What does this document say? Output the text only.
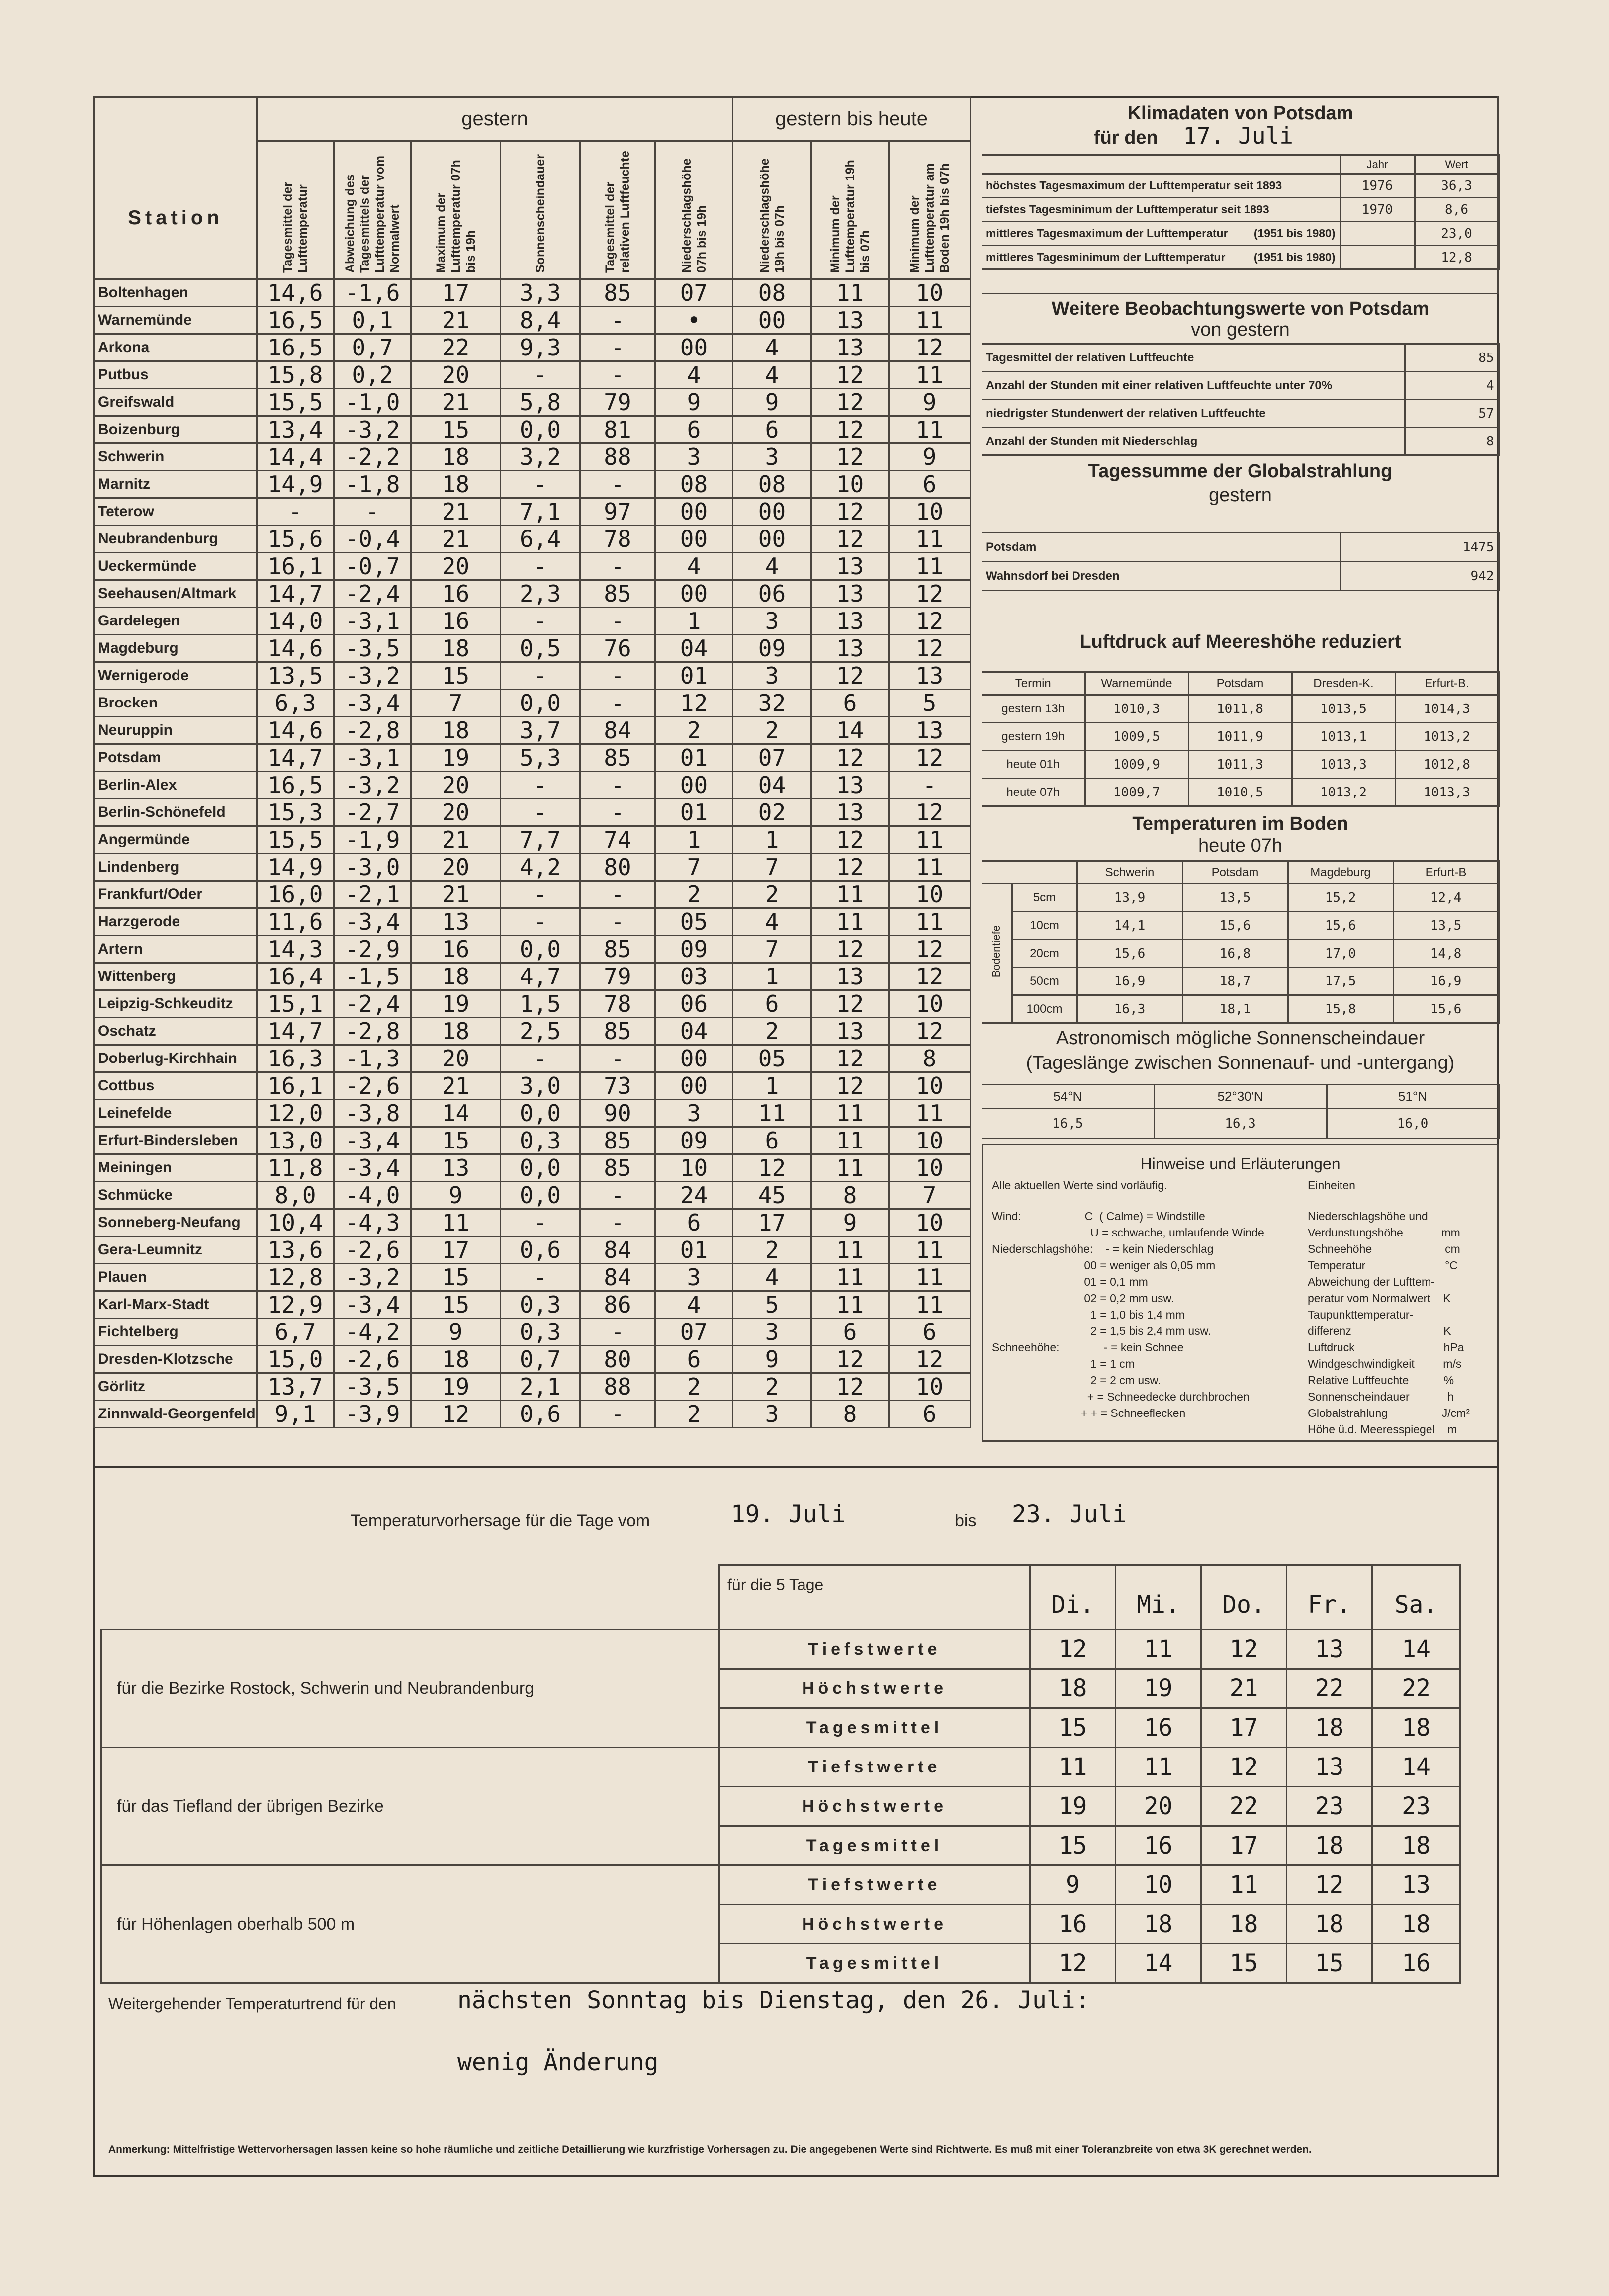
Station	gestern						gestern bis heute		
	Tagesmittel der Lufttemperatur	Abweichung des Tagesmittels der Lufttemperatur vom Normalwert	Maximum der Lufttemperatur 07h bis 19h	Sonnenscheindauer	Tagesmittel der relativen Luftfeuchte	Niederschlagshöhe 07h bis 19h	Niederschlagshöhe 19h bis 07h	Minimum der Lufttemperatur 19h bis 07h	Minimum der Lufttemperatur am Boden 19h bis 07h
Boltenhagen	14,6	-1,6	17	3,3	85	07	08	11	10
Warnemünde	16,5	0,1	21	8,4	-	•	00	13	11
Arkona	16,5	0,7	22	9,3	-	00	4	13	12
Putbus	15,8	0,2	20	-	-	4	4	12	11
Greifswald	15,5	-1,0	21	5,8	79	9	9	12	9
Boizenburg	13,4	-3,2	15	0,0	81	6	6	12	11
Schwerin	14,4	-2,2	18	3,2	88	3	3	12	9
Marnitz	14,9	-1,8	18	-	-	08	08	10	6
Teterow	-	-	21	7,1	97	00	00	12	10
Neubrandenburg	15,6	-0,4	21	6,4	78	00	00	12	11
Ueckermünde	16,1	-0,7	20	-	-	4	4	13	11
Seehausen/Altmark	14,7	-2,4	16	2,3	85	00	06	13	12
Gardelegen	14,0	-3,1	16	-	-	1	3	13	12
Magdeburg	14,6	-3,5	18	0,5	76	04	09	13	12
Wernigerode	13,5	-3,2	15	-	-	01	3	12	13
Brocken	6,3	-3,4	7	0,0	-	12	32	6	5
Neuruppin	14,6	-2,8	18	3,7	84	2	2	14	13
Potsdam	14,7	-3,1	19	5,3	85	01	07	12	12
Berlin-Alex	16,5	-3,2	20	-	-	00	04	13	-
Berlin-Schönefeld	15,3	-2,7	20	-	-	01	02	13	12
Angermünde	15,5	-1,9	21	7,7	74	1	1	12	11
Lindenberg	14,9	-3,0	20	4,2	80	7	7	12	11
Frankfurt/Oder	16,0	-2,1	21	-	-	2	2	11	10
Harzgerode	11,6	-3,4	13	-	-	05	4	11	11
Artern	14,3	-2,9	16	0,0	85	09	7	12	12
Wittenberg	16,4	-1,5	18	4,7	79	03	1	13	12
Leipzig-Schkeuditz	15,1	-2,4	19	1,5	78	06	6	12	10
Oschatz	14,7	-2,8	18	2,5	85	04	2	13	12
Doberlug-Kirchhain	16,3	-1,3	20	-	-	00	05	12	8
Cottbus	16,1	-2,6	21	3,0	73	00	1	12	10
Leinefelde	12,0	-3,8	14	0,0	90	3	11	11	11
Erfurt-Bindersleben	13,0	-3,4	15	0,3	85	09	6	11	10
Meiningen	11,8	-3,4	13	0,0	85	10	12	11	10
Schmücke	8,0	-4,0	9	0,0	-	24	45	8	7
Sonneberg-Neufang	10,4	-4,3	11	-	-	6	17	9	10
Gera-Leumnitz	13,6	-2,6	17	0,6	84	01	2	11	11
Plauen	12,8	-3,2	15	-	84	3	4	11	11
Karl-Marx-Stadt	12,9	-3,4	15	0,3	86	4	5	11	11
Fichtelberg	6,7	-4,2	9	0,3	-	07	3	6	6
Dresden-Klotzsche	15,0	-2,6	18	0,7	80	6	9	12	12
Görlitz	13,7	-3,5	19	2,1	88	2	2	12	10
Zinnwald-Georgenfeld	9,1	-3,9	12	0,6	-	2	3	8	6
Klimadaten von Potsdam
für den 17. Juli
	Jahr	Wert
höchstes Tagesmaximum der Lufttemperatur seit 1893	1976	36,3
tiefstes Tagesminimum der Lufttemperatur seit 1893	1970	8,6
mittleres Tagesmaximum der Lufttemperatur (1951 bis 1980)		23,0
mittleres Tagesminimum der Lufttemperatur (1951 bis 1980)		12,8
Weitere Beobachtungswerte von Potsdam
von gestern
Tagesmittel der relativen Luftfeuchte	85
Anzahl der Stunden mit einer relativen Luftfeuchte unter 70%	4
niedrigster Stundenwert der relativen Luftfeuchte	57
Anzahl der Stunden mit Niederschlag	8
Tagessumme der Globalstrahlung
gestern
Potsdam	1475
Wahnsdorf bei Dresden	942
Luftdruck auf Meereshöhe reduziert
Termin	Warnemünde	Potsdam	Dresden-K.	Erfurt-B.
gestern 13h	1010,3	1011,8	1013,5	1014,3
gestern 19h	1009,5	1011,9	1013,1	1013,2
heute 01h	1009,9	1011,3	1013,3	1012,8
heute 07h	1009,7	1010,5	1013,2	1013,3
Temperaturen im Boden
heute 07h
		Schwerin	Potsdam	Magdeburg	Erfurt-B
Bodentiefe	5cm	13,9	13,5	15,2	12,4
	10cm	14,1	15,6	15,6	13,5
	20cm	15,6	16,8	17,0	14,8
	50cm	16,9	18,7	17,5	16,9
	100cm	16,3	18,1	15,8	15,6
Astronomisch mögliche Sonnenscheindauer
(Tageslänge zwischen Sonnenauf- und -untergang)
54°N	52°30'N	51°N
16,5	16,3	16,0
Hinweise und Erläuterungen
Alle aktuellen Werte sind vorläufig.	Einheiten
Wind:                    C  ( Calme) = Windstille
U = schwache, umlaufende Winde
Niederschlagshöhe:    - = kein Niederschlag
00 = weniger als 0,05 mm
01 = 0,1 mm
02 = 0,2 mm usw.
1 = 1,0 bis 1,4 mm
2 = 1,5 bis 2,4 mm usw.
Schneehöhe:              - = kein Schnee
1 = 1 cm
2 = 2 cm usw.
+ = Schneedecke durchbrochen
+ + = Schneeflecken
Niederschlagshöhe und
Verdunstungshöhe            mm
Schneehöhe                       cm
Temperatur                         °C
Abweichung der Lufttem-
peratur vom Normalwert    K
Taupunkttemperatur-
differenz                             K
Luftdruck                            hPa
Windgeschwindigkeit         m/s
Relative Luftfeuchte           %
Sonnenscheindauer            h
Globalstrahlung                 J/cm²
Höhe ü.d. Meeresspiegel    m
Temperaturvorhersage für die Tage vom	19. Juli	bis 23. Juli
	für die 5 Tage	Di.	Mi.	Do.	Fr.	Sa.
für die Bezirke Rostock, Schwerin und Neubrandenburg	Tiefstwerte	12	11	12	13	14
	Höchstwerte	18	19	21	22	22
	Tagesmittel	15	16	17	18	18
für das Tiefland der übrigen Bezirke	Tiefstwerte	11	11	12	13	14
	Höchstwerte	19	20	22	23	23
	Tagesmittel	15	16	17	18	18
für Höhenlagen oberhalb 500 m	Tiefstwerte	9	10	11	12	13
	Höchstwerte	16	18	18	18	18
	Tagesmittel	12	14	15	15	16
Weitergehender Temperaturtrend für den	nächsten Sonntag bis Dienstag, den 26. Juli:
wenig Änderung
Anmerkung: Mittelfristige Wettervorhersagen lassen keine so hohe räumliche und zeitliche Detaillierung wie kurzfristige Vorhersagen zu. Die angegebenen Werte sind Richtwerte. Es muß mit einer Toleranzbreite von etwa 3K gerechnet werden.
